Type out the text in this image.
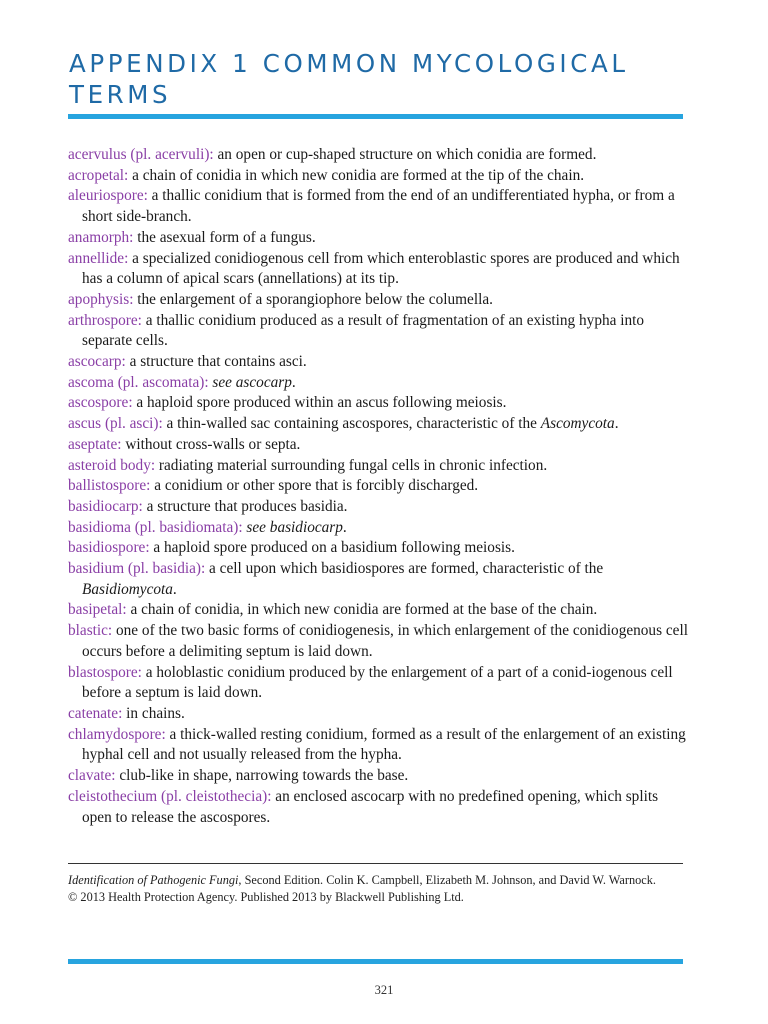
APPENDIX 1 COMMON MYCOLOGICAL TERMS
acervulus (pl. acervuli): an open or cup-shaped structure on which conidia are formed.
acropetal: a chain of conidia in which new conidia are formed at the tip of the chain.
aleuriospore: a thallic conidium that is formed from the end of an undifferentiated hypha, or from a short side-branch.
anamorph: the asexual form of a fungus.
annellide: a specialized conidiogenous cell from which enteroblastic spores are produced and which has a column of apical scars (annellations) at its tip.
apophysis: the enlargement of a sporangiophore below the columella.
arthrospore: a thallic conidium produced as a result of fragmentation of an existing hypha into separate cells.
ascocarp: a structure that contains asci.
ascoma (pl. ascomata): see ascocarp.
ascospore: a haploid spore produced within an ascus following meiosis.
ascus (pl. asci): a thin-walled sac containing ascospores, characteristic of the Ascomycota.
aseptate: without cross-walls or septa.
asteroid body: radiating material surrounding fungal cells in chronic infection.
ballistospore: a conidium or other spore that is forcibly discharged.
basidiocarp: a structure that produces basidia.
basidioma (pl. basidiomata): see basidiocarp.
basidiospore: a haploid spore produced on a basidium following meiosis.
basidium (pl. basidia): a cell upon which basidiospores are formed, characteristic of the Basidiomycota.
basipetal: a chain of conidia, in which new conidia are formed at the base of the chain.
blastic: one of the two basic forms of conidiogenesis, in which enlargement of the conidiogenous cell occurs before a delimiting septum is laid down.
blastospore: a holoblastic conidium produced by the enlargement of a part of a conid-iogenous cell before a septum is laid down.
catenate: in chains.
chlamydospore: a thick-walled resting conidium, formed as a result of the enlargement of an existing hyphal cell and not usually released from the hypha.
clavate: club-like in shape, narrowing towards the base.
cleistothecium (pl. cleistothecia): an enclosed ascocarp with no predefined opening, which splits open to release the ascospores.

Identification of Pathogenic Fungi, Second Edition. Colin K. Campbell, Elizabeth M. Johnson, and David W. Warnock.

© 2013 Health Protection Agency. Published 2013 by Blackwell Publishing Ltd.

321
